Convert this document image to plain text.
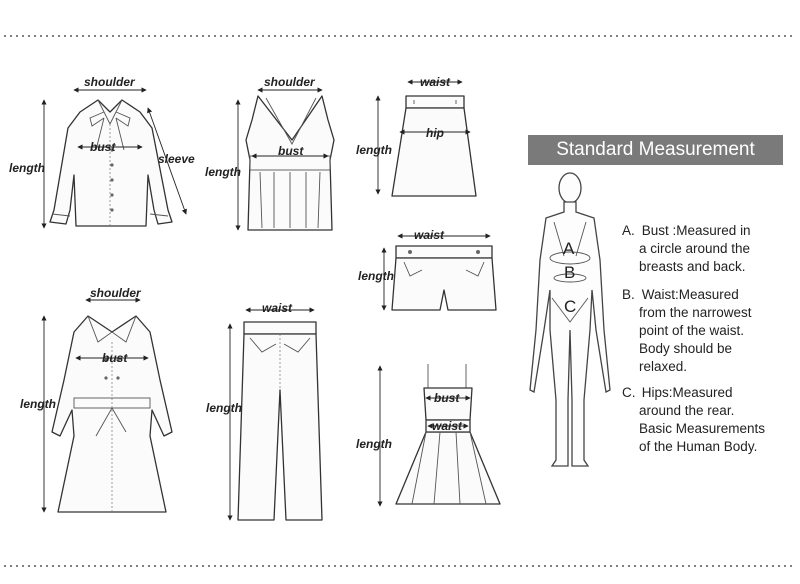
shoulder
bust
length
sleeve
shoulder
bust
length
waist
hip
length
waist
length
shoulder
bust
length
waist
length
bust
waist
length
A
B
C
Standard Measurement
A. Bust :Measured in
a circle around the
breasts and back.
B. Waist:Measured
from the narrowest
point of the waist.
Body should be
relaxed.
C. Hips:Measured
around the rear.
Basic Measurements
of the Human Body.
